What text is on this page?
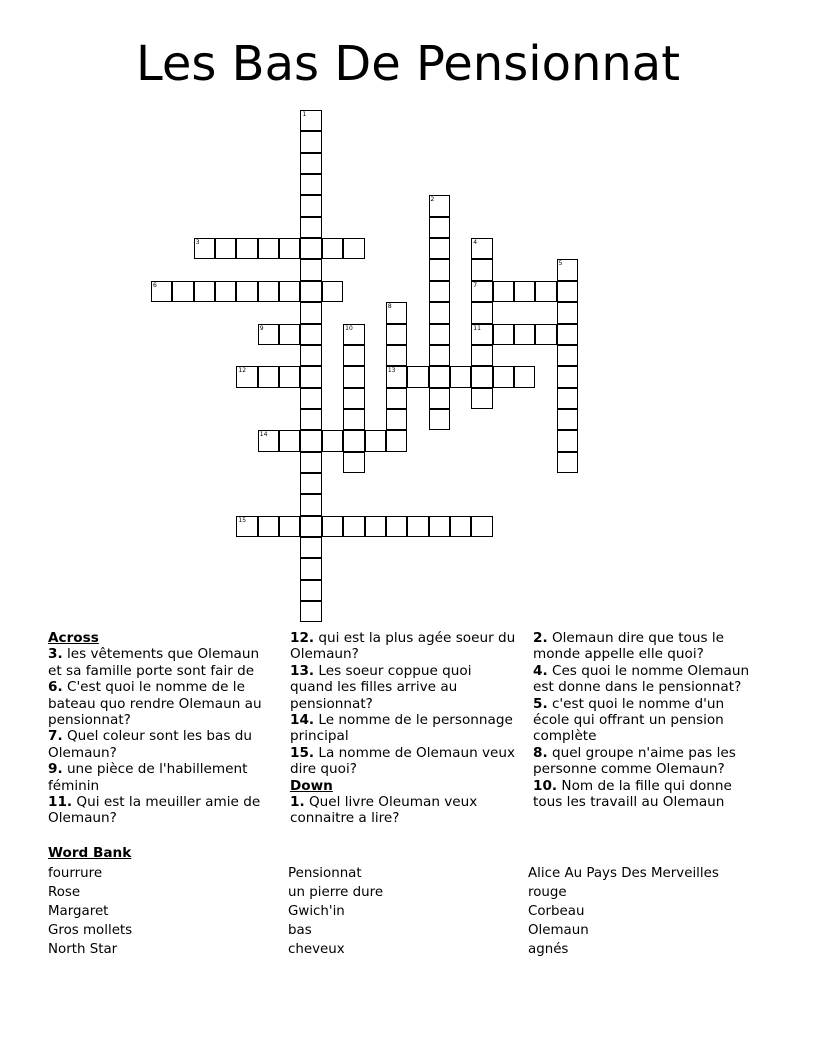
Les Bas De Pensionnat
1
2
3	4
7
11
5
6
8
13
9	10
12
14
15

Across

3. les vêtements que Olemaun et sa famille porte sont fair de

6. C'est quoi le nomme de le bateau quo rendre Olemaun au pensionnat?

7. Quel coleur sont les bas du Olemaun?

9. une pièce de l'habillement féminin

11. Qui est la meuiller amie de Olemaun?

12. qui est la plus agée soeur du Olemaun?

13. Les soeur coppue quoi quand les filles arrive au pensionnat?

14. Le nomme de le personnage principal

15. La nomme de Olemaun veux dire quoi?

Down

1. Quel livre Oleuman veux connaitre a lire?

2. Olemaun dire que tous le monde appelle elle quoi?

4. Ces quoi le nomme Olemaun est donne dans le pensionnat?

5. c'est quoi le nomme d'un école qui offrant un pension complète

8. quel groupe n'aime pas les personne comme Olemaun?

10. Nom de la fille qui donne tous les travaill au Olemaun

Word Bank
fourrure
Rose
Margaret
Gros mollets
North Star
Pensionnat
un pierre dure
Gwich'in
bas
cheveux
Alice Au Pays Des Merveilles
rouge
Corbeau
Olemaun
agnés
